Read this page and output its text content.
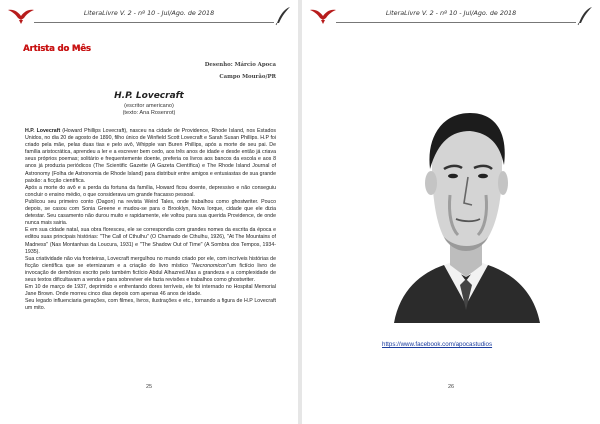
LiteraLivre V. 2 - nº 10 - Jul/Ago. de 2018
Artista do Mês
Desenho: Márcio Apoca
Campo Mourão/PR
H.P. Lovecraft
(escritor americano)
(texto: Ana Rosenrot)

H.P. Lovecraft (Howard Phillips Lovecraft), nasceu na cidade de Providence, Rhode Island, nos Estados Unidos, no dia 20 de agosto de 1890, filho único de Winfield Scott Lovecraft e Sarah Susan Phillips. H.P foi criado pela mãe, pelas duas tias e pelo avô, Whipple van Buren Phillips, após a morte de seu pai. De família aristocrática, aprendeu a ler e a escrever bem cedo, aos três anos de idade e desde então já criava seus próprios poemas; solitário e frequentemente doente, preferia os livros aos bancos da escola e aos 8 anos já produzia periódicos (The Scientific Gazette (A Gazeta Científica) e The Rhode Island Journal of Astronomy (Folha de Astronomia de Rhode Island) para distribuir entre amigos e entusiastas de sua grande paixão: a ficção científica.

Após a morte do avô e a perda da fortuna da família, Howard ficou doente, depressivo e não conseguiu concluir o ensino médio, o que considerava um grande fracasso pessoal.

Publicou seu primeiro conto (Dagon) na revista Weird Tales, onde trabalhou como ghostwriter. Pouco depois, se casou com Sonia Greene e mudou-se para o Brooklyn, Nova Iorque, cidade que ele dizia detestar. Seu casamento não durou muito e rapidamente, ele voltou para sua querida Providence, de onde nunca mais sairia.

E em sua cidade natal, sua obra floresceu, ele se correspondia com grandes nomes da escrita da época e editou suas principais histórias: "The Call of Cthulhu" (O Chamado de Cthulhu, 1926), "At The Mountains of Madness" (Nas Montanhas da Loucura, 1931) e "The Shadow Out of Time" (A Sombra dos Tempos, 1934-1935).

Sua criatividade não via fronteiras, Lovecraft mergulhou no mundo criado por ele, com incríveis histórias de ficção científica que se eternizaram e a criação do livro místico "Necronomicon"um fictício livro de invocação de demônios escrito pelo também fictício Abdul Alhazred.Mas a grandeza e a complexidade de seus textos dificultavam a venda e para sobreviver ele fazia revisões e trabalhos como ghostwriter.

Em 10 de março de 1937, deprimido e enfrentando dores terríveis, ele foi internado no Hospital Memorial Jane Brown. Onde morreu cinco dias depois com apenas 46 anos de idade.

Seu legado influenciaria gerações, com filmes, livros, ilustrações e etc., tornando a figura de H.P Lovecraft um mito.

25
LiteraLivre V. 2 - nº 10 - Jul/Ago. de 2018
https://www.facebook.com/apocastudios
26
